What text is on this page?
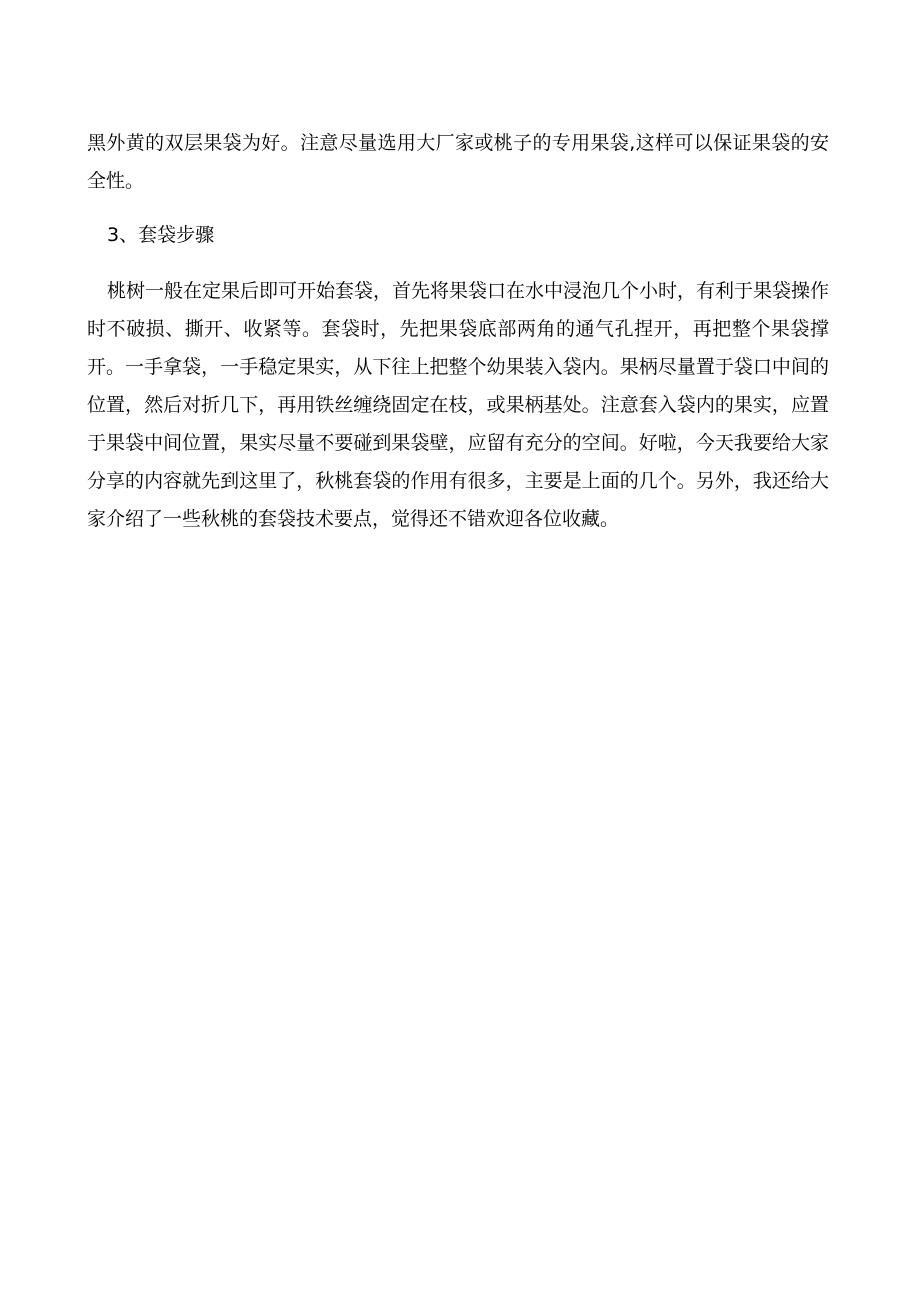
黑外黄的双层果袋为好。注意尽量选用大厂家或桃子的专用果袋,这样可以保证果袋的安全性。

3、套袋步骤

桃树一般在定果后即可开始套袋，首先将果袋口在水中浸泡几个小时，有利于果袋操作时不破损、撕开、收紧等。套袋时，先把果袋底部两角的通气孔捏开，再把整个果袋撑开。一手拿袋，一手稳定果实，从下往上把整个幼果装入袋内。果柄尽量置于袋口中间的位置，然后对折几下，再用铁丝缠绕固定在枝，或果柄基处。注意套入袋内的果实，应置于果袋中间位置，果实尽量不要碰到果袋壁，应留有充分的空间。好啦，今天我要给大家分享的内容就先到这里了，秋桃套袋的作用有很多，主要是上面的几个。另外，我还给大家介绍了一些秋桃的套袋技术要点，觉得还不错欢迎各位收藏。
